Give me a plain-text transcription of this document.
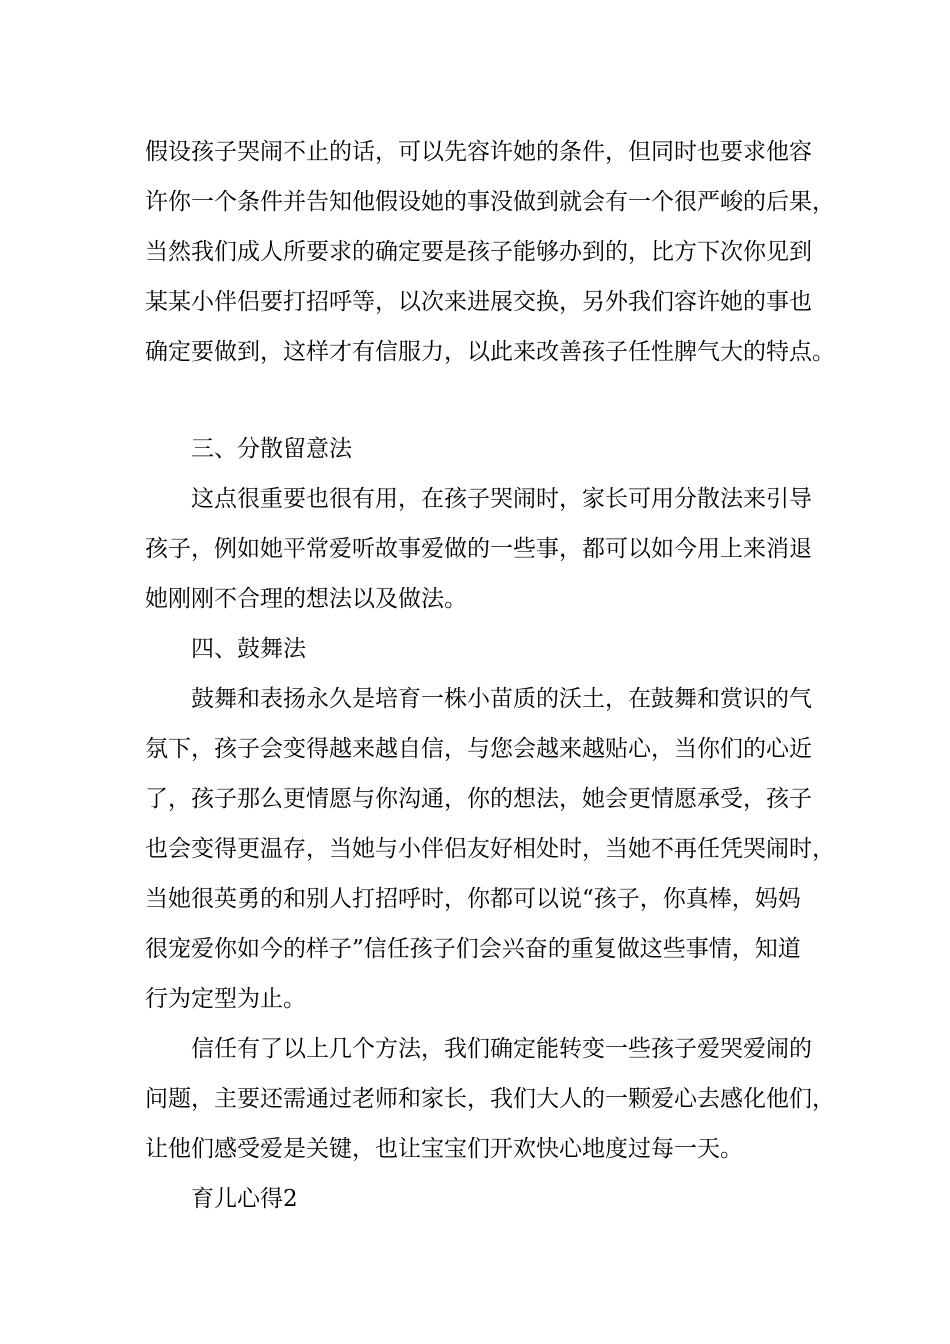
假设孩子哭闹不止的话，可以先容许她的条件，但同时也要求他容

许你一个条件并告知他假设她的事没做到就会有一个很严峻的后果，

当然我们成人所要求的确定要是孩子能够办到的，比方下次你见到

某某小伴侣要打招呼等，以次来进展交换，另外我们容许她的事也

确定要做到，这样才有信服力，以此来改善孩子任性脾气大的特点。

三、分散留意法

这点很重要也很有用，在孩子哭闹时，家长可用分散法来引导

孩子，例如她平常爱听故事爱做的一些事，都可以如今用上来消退

她刚刚不合理的想法以及做法。

四、鼓舞法

鼓舞和表扬永久是培育一株小苗质的沃土，在鼓舞和赏识的气

氛下，孩子会变得越来越自信，与您会越来越贴心，当你们的心近

了，孩子那么更情愿与你沟通，你的想法，她会更情愿承受，孩子

也会变得更温存，当她与小伴侣友好相处时，当她不再任凭哭闹时，

当她很英勇的和别人打招呼时，你都可以说“孩子，你真棒，妈妈

很宠爱你如今的样子”信任孩子们会兴奋的重复做这些事情，知道

行为定型为止。

信任有了以上几个方法，我们确定能转变一些孩子爱哭爱闹的

问题，主要还需通过老师和家长，我们大人的一颗爱心去感化他们，

让他们感受爱是关键，也让宝宝们开欢快心地度过每一天。

育儿心得2
